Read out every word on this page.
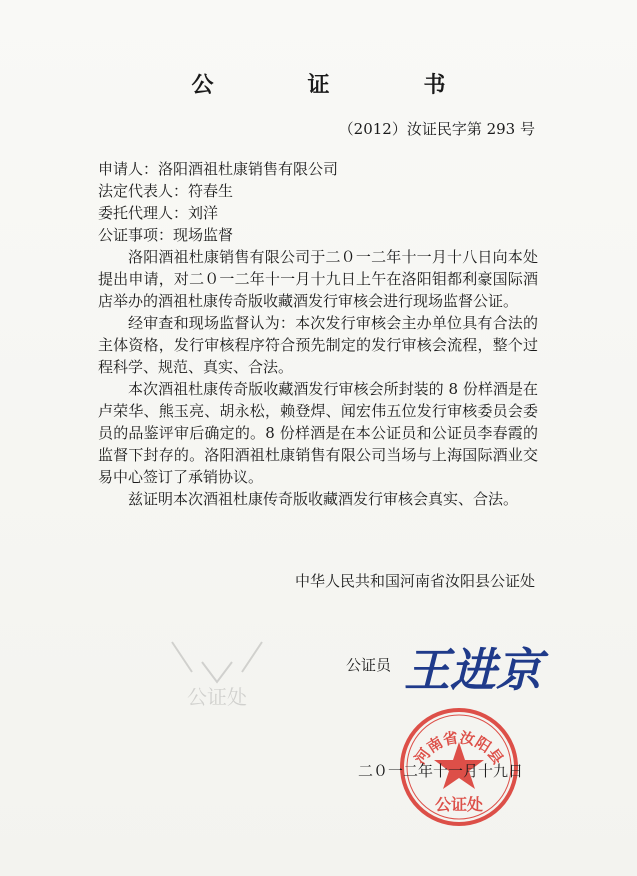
公　证　书
（2012）汝证民字第 293 号
申请人：洛阳酒祖杜康销售有限公司
法定代表人：符春生
委托代理人：刘洋
公证事项：现场监督

洛阳酒祖杜康销售有限公司于二０一二年十一月十八日向本处提出申请，对二０一二年十一月十九日上午在洛阳钼都利豪国际酒店举办的酒祖杜康传奇版收藏酒发行审核会进行现场监督公证。

经审查和现场监督认为：本次发行审核会主办单位具有合法的主体资格，发行审核程序符合预先制定的发行审核会流程，整个过程科学、规范、真实、合法。

本次酒祖杜康传奇版收藏酒发行审核会所封装的 8 份样酒是在卢荣华、熊玉亮、胡永松，赖登焊、闻宏伟五位发行审核委员会委员的品鉴评审后确定的。8 份样酒是在本公证员和公证员李春霞的监督下封存的。洛阳酒祖杜康销售有限公司当场与上海国际酒业交易中心签订了承销协议。

兹证明本次酒祖杜康传奇版收藏酒发行审核会真实、合法。

中华人民共和国河南省汝阳县公证处
公证处
公证员 王进京
河南省汝阳县
公证处
二０一二年十一月十九日
